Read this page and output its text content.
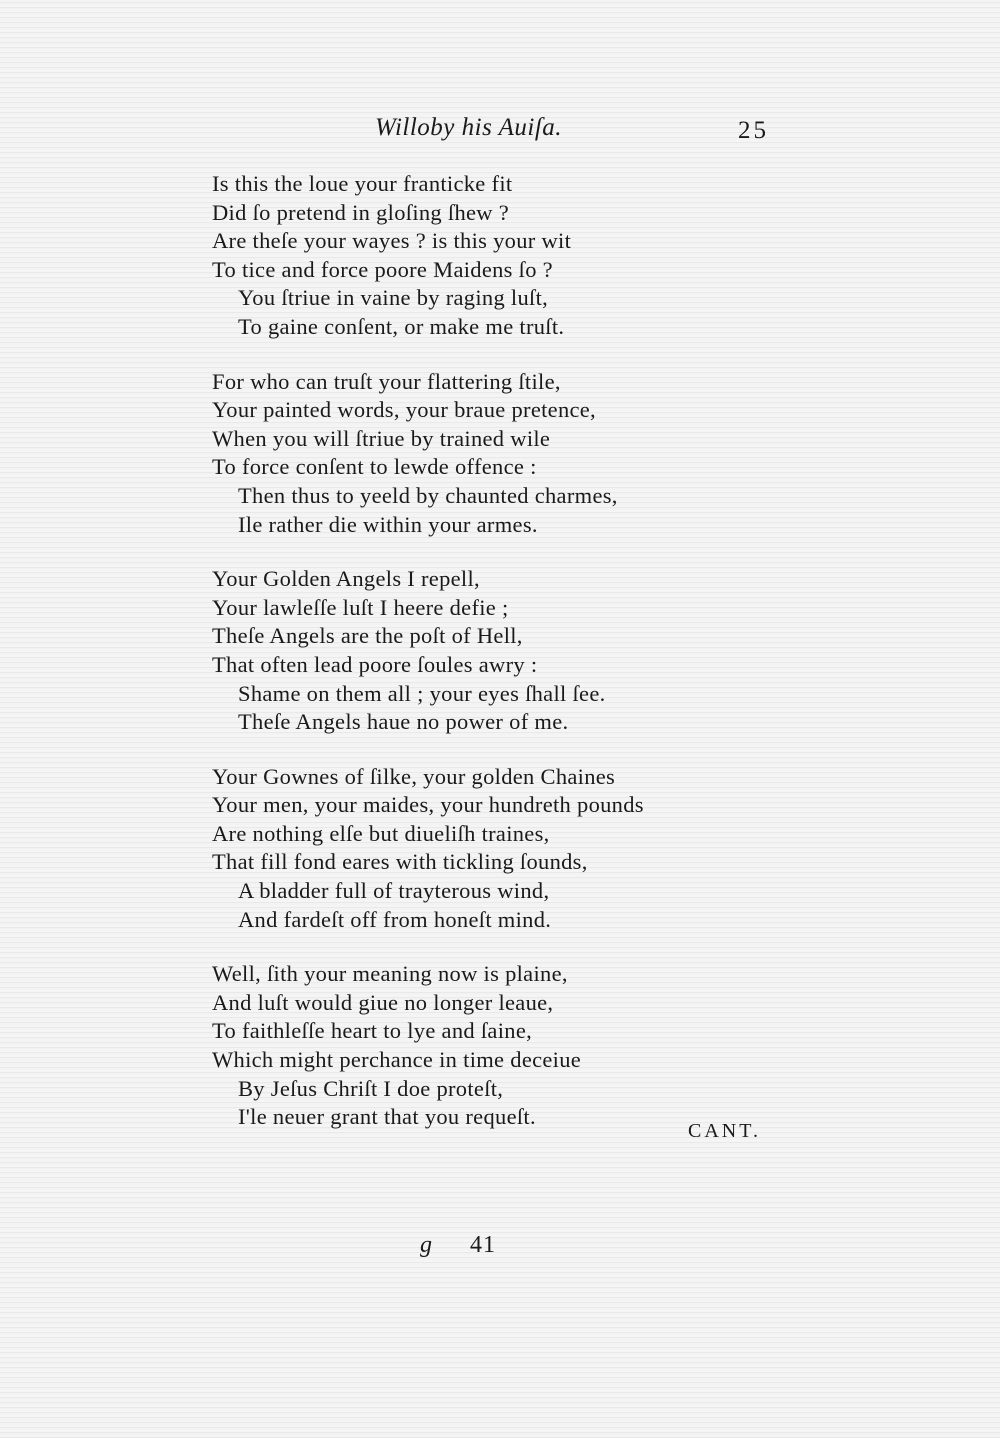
Willoby his Auiſa.	25
Is this the loue your franticke fit
Did ſo pretend in gloſing ſhew ?
Are theſe your wayes ? is this your wit
To tice and force poore Maidens ſo ?
You ſtriue in vaine by raging luſt,
To gaine conſent, or make me truſt.
For who can truſt your flattering ſtile,
Your painted words, your braue pretence,
When you will ſtriue by trained wile
To force conſent to lewde offence :
Then thus to yeeld by chaunted charmes,
Ile rather die within your armes.
Your Golden Angels I repell,
Your lawleſſe luſt I heere defie ;
Theſe Angels are the poſt of Hell,
That often lead poore ſoules awry :
Shame on them all ; your eyes ſhall ſee.
Theſe Angels haue no power of me.
Your Gownes of ſilke, your golden Chaines
Your men, your maides, your hundreth pounds
Are nothing elſe but diueliſh traines,
That fill fond eares with tickling ſounds,
A bladder full of trayterous wind,
And fardeſt off from honeſt mind.
Well, ſith your meaning now is plaine,
And luſt would giue no longer leaue,
To faithleſſe heart to lye and ſaine,
Which might perchance in time deceiue
By Jeſus Chriſt I doe proteſt,
I'le neuer grant that you requeſt.
CANT.
g 41
